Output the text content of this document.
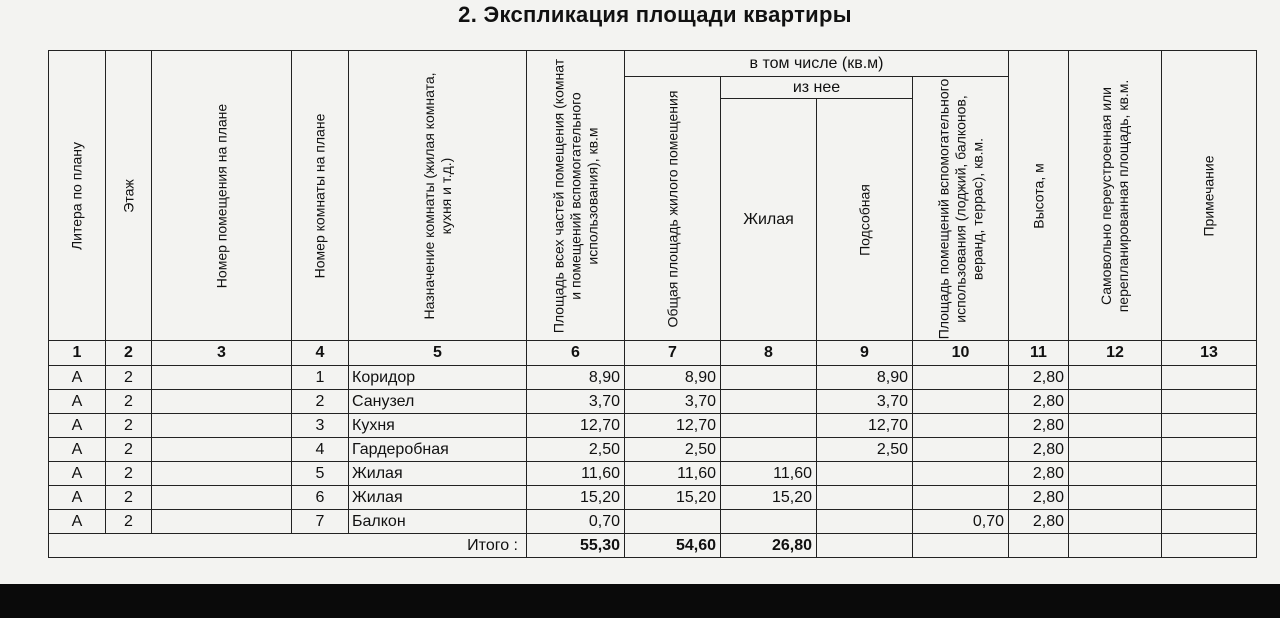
2. Экспликация площади квартиры
Литера по плану	Этаж	Номер помещения на плане	Номер комнаты на плане	Назначение комнаты (жилая комната, кухня и т.д.)	Площадь всех частей помещения (комнат и помещений вспомогательного использования), кв.м	в том числе (кв.м)				Высота, м	Самовольно переустроенная или перепланированная площадь, кв.м.	Примечание

						Общая площадь жилого помещения	из нее		Площадь помещений вспомогательного использования (лоджий, балконов, веранд, террас), кв.м.			

							Жилая	Подсобная				

1	2	3	4	5	6	7	8	9	10	11	12	13
А	2		1	Коридор	8,90	8,90		8,90		2,80		
А	2		2	Санузел	3,70	3,70		3,70		2,80		
А	2		3	Кухня	12,70	12,70		12,70		2,80		
А	2		4	Гардеробная	2,50	2,50		2,50		2,80		
А	2		5	Жилая	11,60	11,60	11,60			2,80		
А	2		6	Жилая	15,20	15,20	15,20			2,80		
А	2		7	Балкон	0,70				0,70	2,80		
Итого :					55,30	54,60	26,80					
